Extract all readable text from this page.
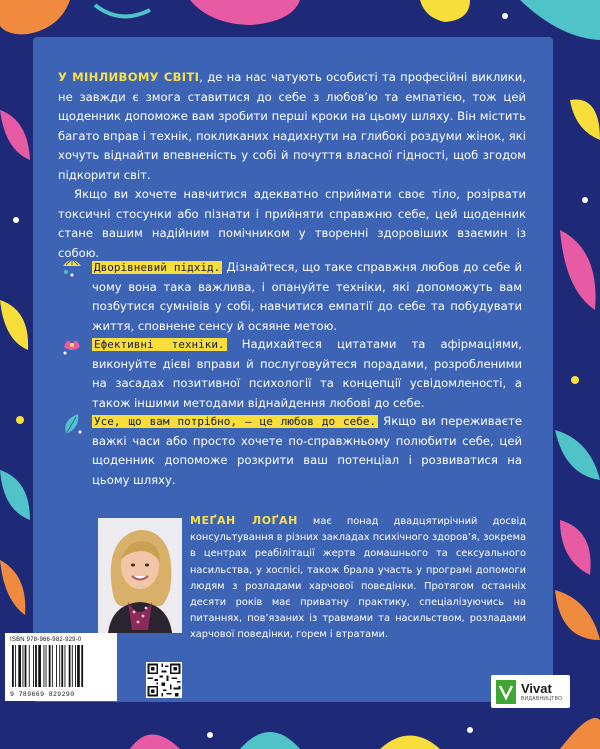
У МІНЛИВОМУ СВІТІ, де на нас чатують особисті та професійні виклики, не завжди є змога ставитися до себе з любов’ю та емпатією, тож цей щоденник допоможе вам зробити перші кроки на цьому шляху. Він містить багато вправ і технік, покликаних надихнути на глибокі роздуми жінок, які хочуть віднайти впевненість у собі й почуття власної гідності, щоб згодом підкорити світ.

Якщо ви хочете навчитися адекватно сприймати своє тіло, розірвати токсичні стосунки або пізнати і прийняти справжню себе, цей щоденник стане вашим надійним помічником у творенні здоровіших взаємин із собою.

Дворівневий підхід. Дізнайтеся, що таке справжня любов до себе й чому вона така важлива, і опануйте техніки, які допоможуть вам позбутися сумнівів у собі, навчитися емпатії до себе та побудувати життя, сповнене сенсу й осяяне метою.
Ефективні техніки. Надихайтеся цитатами та афірмаціями, виконуйте дієві вправи й послуговуйтеся порадами, розробленими на засадах позитивної психології та концепції усвідомленості, а також іншими методами віднайдення любові до себе.
Усе, що вам потрібно, — це любов до себе. Якщо ви переживаєте важкі часи або просто хочете по-справжньому полюбити себе, цей щоденник допоможе розкрити ваш потенціал і розвиватися на цьому шляху.
МЕҐАН ЛОҐАН має понад двадцятирічний досвід консультування в різних закладах психічного здоров’я, зокрема в центрах реабілітації жертв домашнього та сексуального насильства, у хоспісі, також брала участь у програмі допомоги людям з розладами харчової поведінки. Протягом останніх десяти років має приватну практику, спеціалізуючись на питаннях, пов’язаних із травмами та насильством, розладами харчової поведінки, горем і втратами.
ISBN 978-966-982-929-0
9 789669 829290	Vivat
ВИДАВНИЦТВО
